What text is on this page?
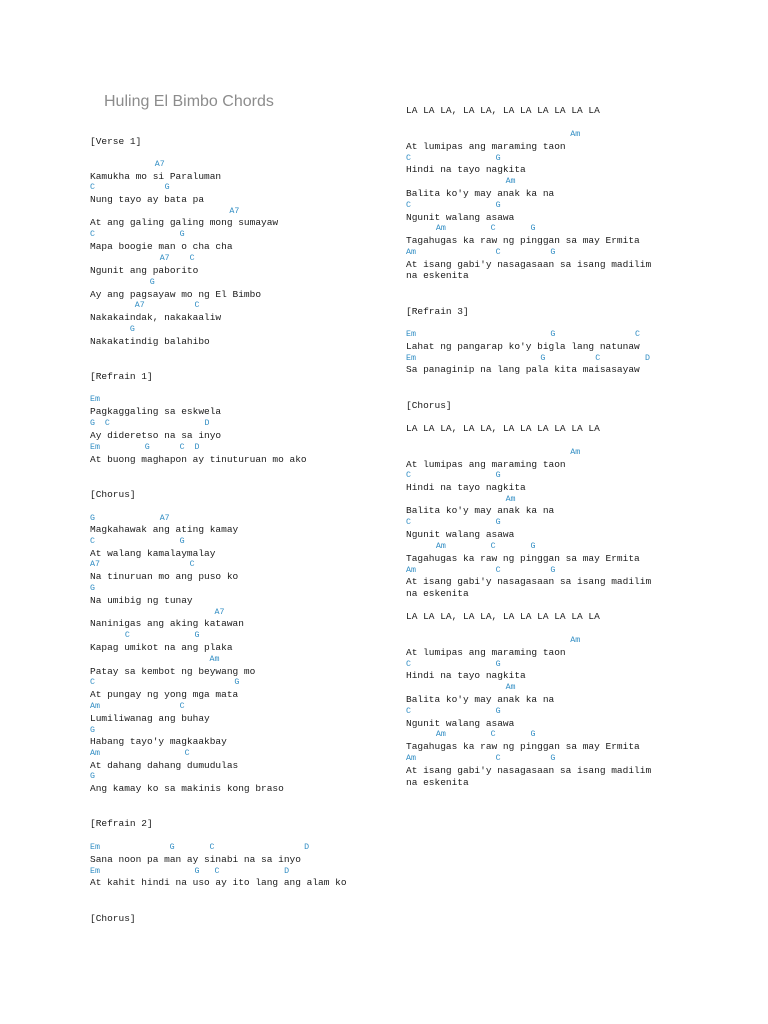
Huling El Bimbo Chords
[Verse 1]
A7
Kamukha mo si Paraluman
C              G
Nung tayo ay bata pa
A7
At ang galing galing mong sumayaw
C                 G
Mapa boogie man o cha cha
A7    C
Ngunit ang paborito
G
Ay ang pagsayaw mo ng El Bimbo
A7          C
Nakakaindak, nakakaaliw
G
Nakakatindig balahibo
[Refrain 1]
Em
Pagkaggaling sa eskwela
G  C                   D
Ay dideretso na sa inyo
Em         G      C  D
At buong maghapon ay tinuturuan mo ako
[Chorus]
G             A7
Magkahawak ang ating kamay
C                 G
At walang kamalaymalay
A7                  C
Na tinuruan mo ang puso ko
G
Na umibig ng tunay
A7
Naninigas ang aking katawan
C             G
Kapag umikot na ang plaka
Am
Patay sa kembot ng beywang mo
C                            G
At pungay ng yong mga mata
Am                C
Lumiliwanag ang buhay
G
Habang tayo'y magkaakbay
Am                 C
At dahang dahang dumudulas
G
Ang kamay ko sa makinis kong braso
[Refrain 2]
Em              G       C                  D
Sana noon pa man ay sinabi na sa inyo
Em                   G   C             D
At kahit hindi na uso ay ito lang ang alam ko
[Chorus]
LA LA LA, LA LA, LA LA LA LA LA LA
Am
At lumipas ang maraming taon
C                 G
Hindi na tayo nagkita
Am
Balita ko'y may anak ka na
C                 G
Ngunit walang asawa
Am         C       G
Tagahugas ka raw ng pinggan sa may Ermita
Am                C          G
At isang gabi'y nasagasaan sa isang madilim
na eskenita
[Refrain 3]
Em                           G                C
Lahat ng pangarap ko'y bigla lang natunaw
Em                         G          C         D
Sa panaginip na lang pala kita maisasayaw
[Chorus]
LA LA LA, LA LA, LA LA LA LA LA LA
Am
At lumipas ang maraming taon
C                 G
Hindi na tayo nagkita
Am
Balita ko'y may anak ka na
C                 G
Ngunit walang asawa
Am         C       G
Tagahugas ka raw ng pinggan sa may Ermita
Am                C          G
At isang gabi'y nasagasaan sa isang madilim
na eskenita
LA LA LA, LA LA, LA LA LA LA LA LA
Am
At lumipas ang maraming taon
C                 G
Hindi na tayo nagkita
Am
Balita ko'y may anak ka na
C                 G
Ngunit walang asawa
Am         C       G
Tagahugas ka raw ng pinggan sa may Ermita
Am                C          G
At isang gabi'y nasagasaan sa isang madilim
na eskenita
